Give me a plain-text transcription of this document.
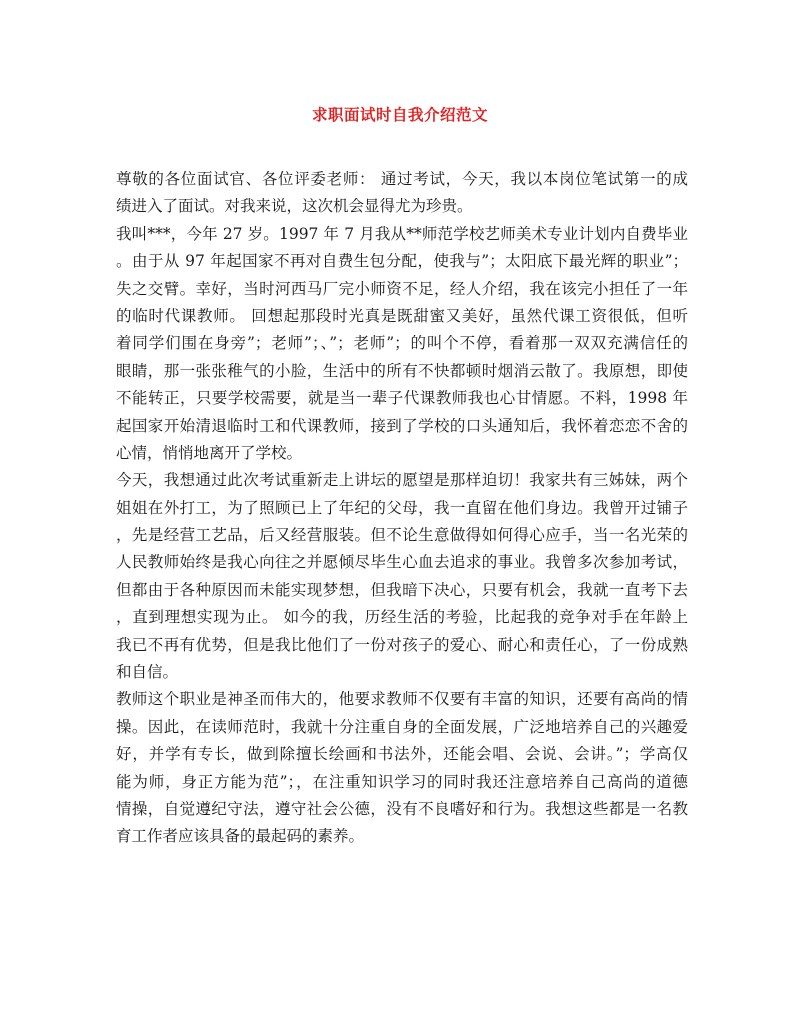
求职面试时自我介绍范文
尊敬的各位面试官、各位评委老师： 通过考试，今天，我以本岗位笔试第一的成
绩进入了面试。对我来说，这次机会显得尤为珍贵。
我叫***，今年 27 岁。1997 年 7 月我从**师范学校艺师美术专业计划内自费毕业
。由于从 97 年起国家不再对自费生包分配，使我与”；太阳底下最光辉的职业”；
失之交臂。幸好，当时河西马厂完小师资不足，经人介绍，我在该完小担任了一年
的临时代课教师。 回想起那段时光真是既甜蜜又美好，虽然代课工资很低，但听
着同学们围在身旁”；老师”；、”；老师”；的叫个不停，看着那一双双充满信任的
眼睛，那一张张稚气的小脸，生活中的所有不快都顿时烟消云散了。我原想，即使
不能转正，只要学校需要，就是当一辈子代课教师我也心甘情愿。不料，1998 年
起国家开始清退临时工和代课教师，接到了学校的口头通知后，我怀着恋恋不舍的
心情，悄悄地离开了学校。
今天，我想通过此次考试重新走上讲坛的愿望是那样迫切！我家共有三姊妹，两个
姐姐在外打工，为了照顾已上了年纪的父母，我一直留在他们身边。我曾开过铺子
，先是经营工艺品，后又经营服装。但不论生意做得如何得心应手，当一名光荣的
人民教师始终是我心向往之并愿倾尽毕生心血去追求的事业。我曾多次参加考试，
但都由于各种原因而未能实现梦想，但我暗下决心，只要有机会，我就一直考下去
，直到理想实现为止。 如今的我，历经生活的考验，比起我的竞争对手在年龄上
我已不再有优势，但是我比他们了一份对孩子的爱心、耐心和责任心，了一份成熟
和自信。
教师这个职业是神圣而伟大的，他要求教师不仅要有丰富的知识，还要有高尚的情
操。因此，在读师范时，我就十分注重自身的全面发展，广泛地培养自己的兴趣爱
好，并学有专长，做到除擅长绘画和书法外，还能会唱、会说、会讲。”；学高仅
能为师，身正方能为范”；，在注重知识学习的同时我还注意培养自己高尚的道德
情操，自觉遵纪守法，遵守社会公德，没有不良嗜好和行为。我想这些都是一名教
育工作者应该具备的最起码的素养。
